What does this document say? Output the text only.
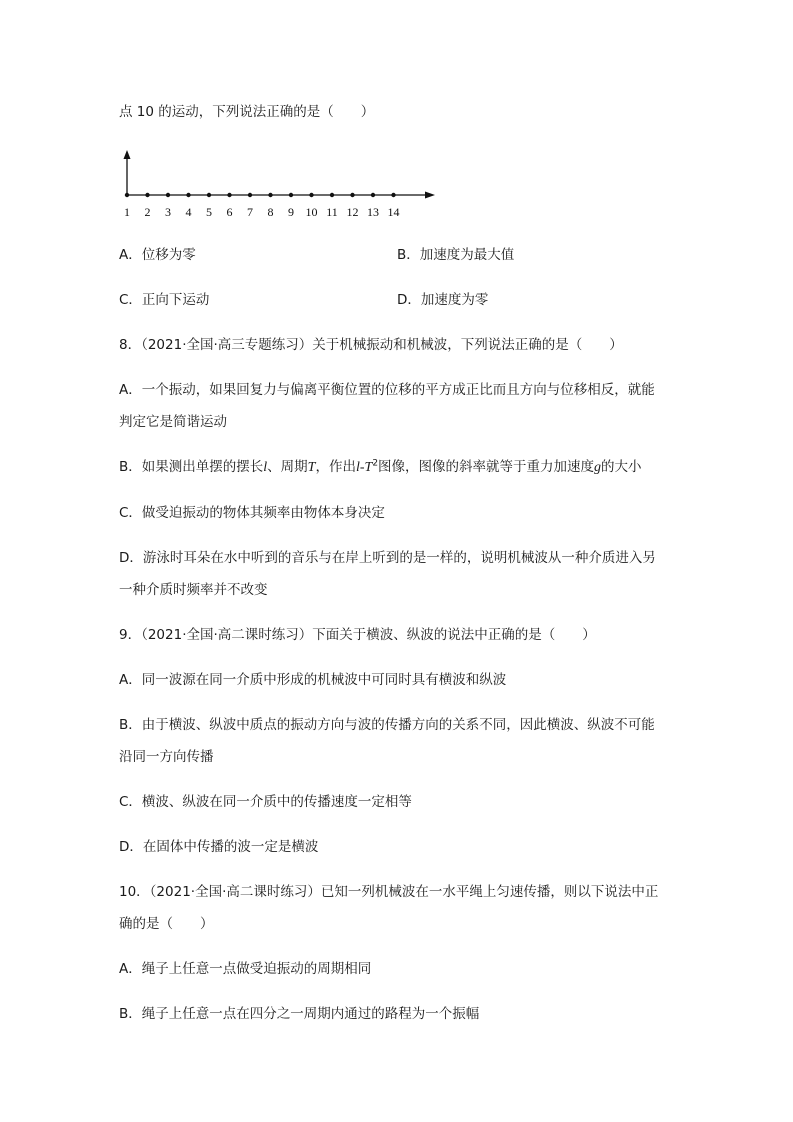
点 10 的运动，下列说法正确的是（　　）
1 2 3 4 5 6 7 8 9 10 11 12 13 14
A．位移为零	B．加速度为最大值
C．正向下运动	D．加速度为零
8．（2021·全国·高三专题练习）关于机械振动和机械波，下列说法正确的是（　　）
A．一个振动，如果回复力与偏离平衡位置的位移的平方成正比而且方向与位移相反，就能
判定它是简谐运动
B．如果测出单摆的摆长l、周期T，作出$l-T^2$图像，图像的斜率就等于重力加速度g的大小
C．做受迫振动的物体其频率由物体本身决定
D．游泳时耳朵在水中听到的音乐与在岸上听到的是一样的，说明机械波从一种介质进入另
一种介质时频率并不改变
9．（2021·全国·高二课时练习）下面关于横波、纵波的说法中正确的是（　　）
A．同一波源在同一介质中形成的机械波中可同时具有横波和纵波
B．由于横波、纵波中质点的振动方向与波的传播方向的关系不同，因此横波、纵波不可能
沿同一方向传播
C．横波、纵波在同一介质中的传播速度一定相等
D．在固体中传播的波一定是横波
10．（2021·全国·高二课时练习）已知一列机械波在一水平绳上匀速传播，则以下说法中正
确的是（　　）
A．绳子上任意一点做受迫振动的周期相同
B．绳子上任意一点在四分之一周期内通过的路程为一个振幅
